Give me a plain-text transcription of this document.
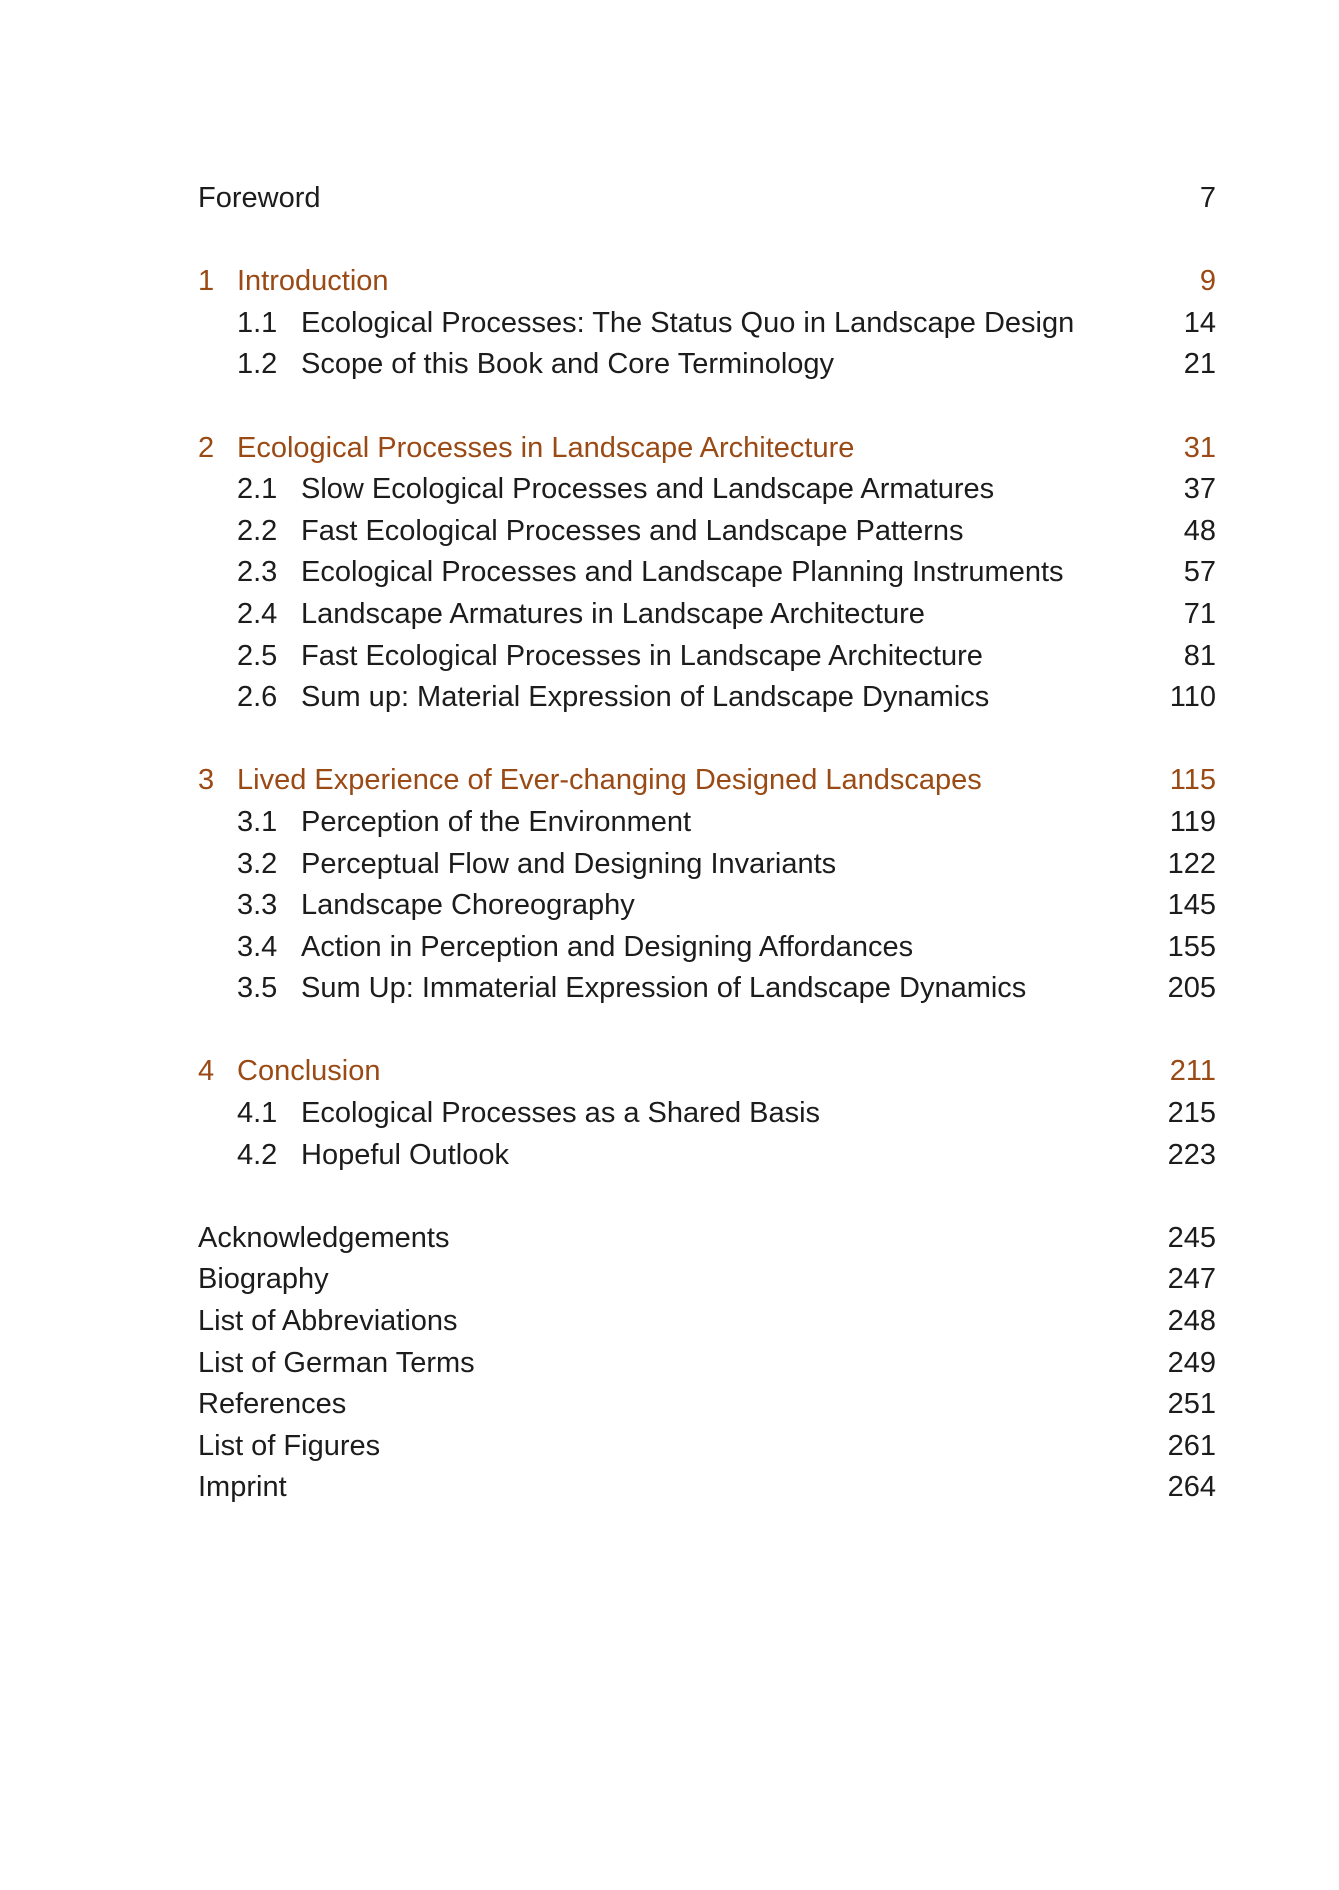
Foreword	7
1 Introduction	9
1.1 Ecological Processes: The Status Quo in Landscape Design	14
1.2 Scope of this Book and Core Terminology	21
2 Ecological Processes in Landscape Architecture	31
2.1 Slow Ecological Processes and Landscape Armatures	37
2.2 Fast Ecological Processes and Landscape Patterns	48
2.3 Ecological Processes and Landscape Planning Instruments	57
2.4 Landscape Armatures in Landscape Architecture	71
2.5 Fast Ecological Processes in Landscape Architecture	81
2.6 Sum up: Material Expression of Landscape Dynamics	110
3 Lived Experience of Ever-changing Designed Landscapes	115
3.1 Perception of the Environment	119
3.2 Perceptual Flow and Designing Invariants	122
3.3 Landscape Choreography	145
3.4 Action in Perception and Designing Affordances	155
3.5 Sum Up: Immaterial Expression of Landscape Dynamics	205
4 Conclusion	211
4.1 Ecological Processes as a Shared Basis	215
4.2 Hopeful Outlook	223
Acknowledgements	245
Biography	247
List of Abbreviations	248
List of German Terms	249
References	251
List of Figures	261
Imprint	264
